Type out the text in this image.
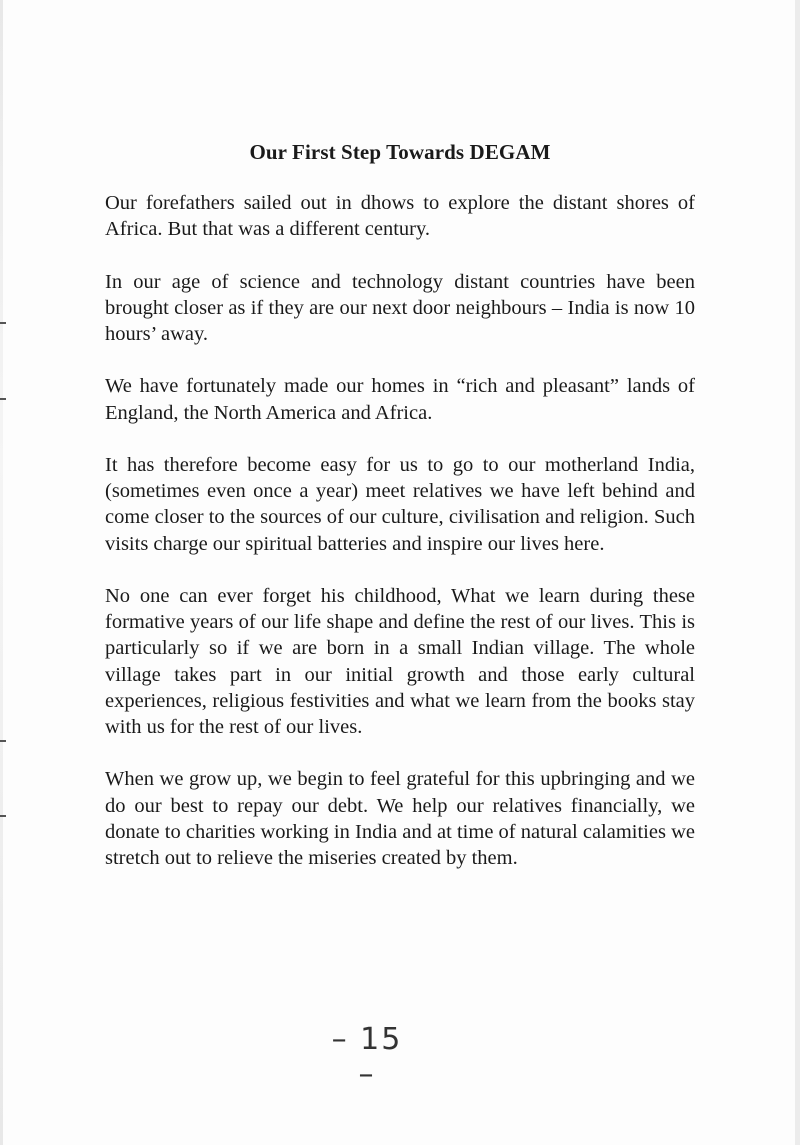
Our First Step Towards DEGAM

Our forefathers sailed out in dhows to explore the distant shores of Africa. But that was a different century.

In our age of science and technology distant countries have been brought closer as if they are our next door neighbours – India is now 10 hours’ away.

We have fortunately made our homes in “rich and pleasant” lands of England, the North America and Africa.

It has therefore become easy for us to go to our motherland India, (sometimes even once a year) meet relatives we have left behind and come closer to the sources of our culture, civilisation and religion. Such visits charge our spiritual batteries and inspire our lives here.

No one can ever forget his childhood, What we learn during these formative years of our life shape and define the rest of our lives. This is particularly so if we are born in a small Indian village. The whole village takes part in our initial growth and those early cultural experiences, religious festivities and what we learn from the books stay with us for the rest of our lives.

When we grow up, we begin to feel grateful for this upbringing and we do our best to repay our debt. We help our relatives financially, we donate to charities working in India and at time of natural calamities we stretch out to relieve the miseries created by them.

– 15 –
